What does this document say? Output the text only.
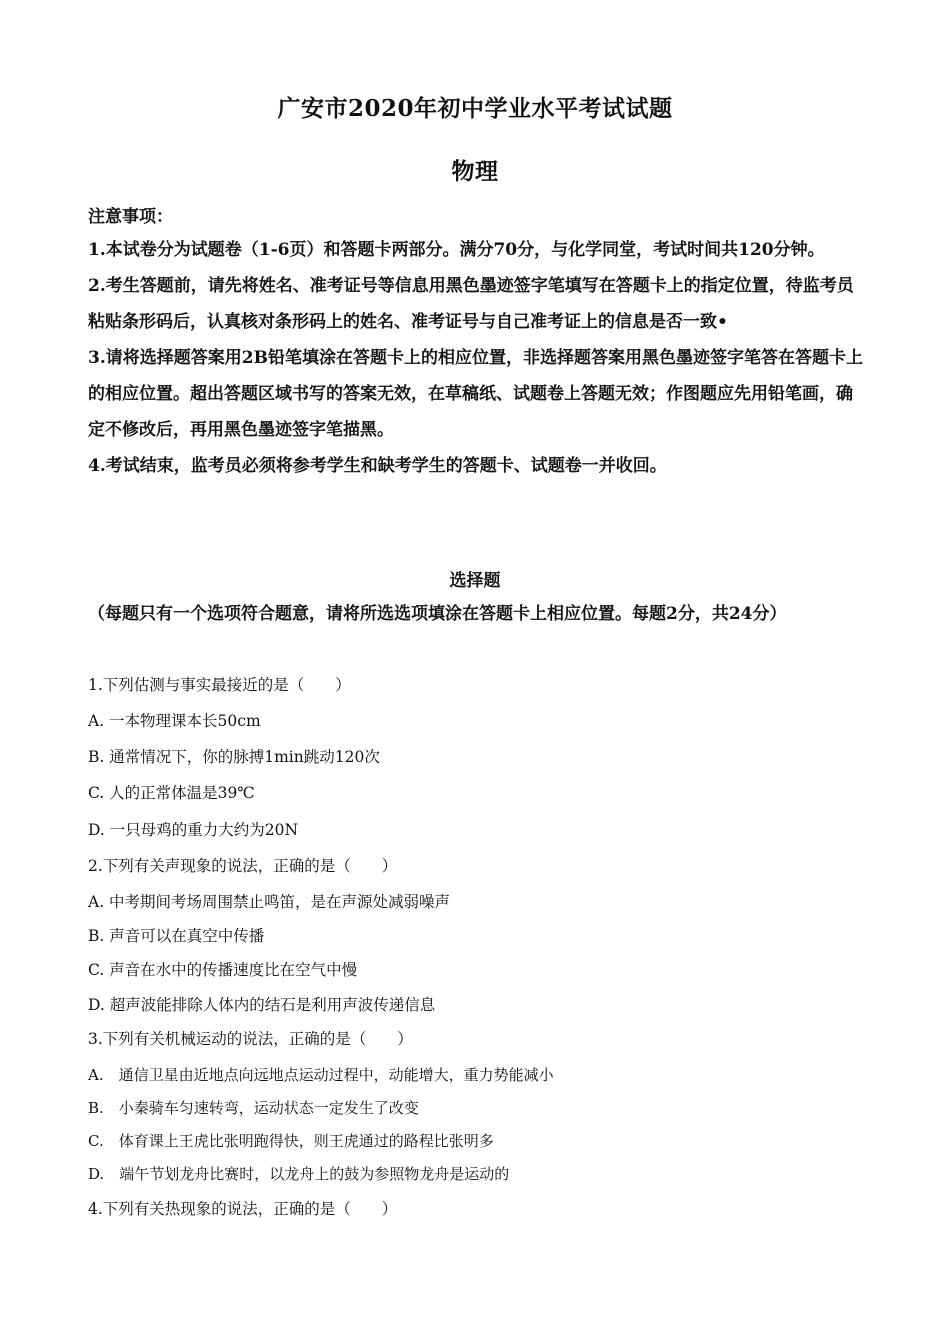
广安市2020年初中学业水平考试试题
物理

注意事项：

1.本试卷分为试题卷（1-6页）和答题卡两部分。满分70分，与化学同堂，考试时间共120分钟。

2.考生答题前，请先将姓名、准考证号等信息用黑色墨迹签字笔填写在答题卡上的指定位置，待监考员粘贴条形码后，认真核对条形码上的姓名、准考证号与自己准考证上的信息是否一致•

3.请将选择题答案用2B铅笔填涂在答题卡上的相应位置，非选择题答案用黑色墨迹签字笔答在答题卡上的相应位置。超出答题区域书写的答案无效，在草稿纸、试题卷上答题无效；作图题应先用铅笔画，确定不修改后，再用黑色墨迹签字笔描黑。

4.考试结束，监考员必须将参考学生和缺考学生的答题卡、试题卷一并收回。

选择题
（每题只有一个选项符合题意，请将所选选项填涂在答题卡上相应位置。每题2分，共24分）
1.下列估测与事实最接近的是（　　）
A. 一本物理课本长50cm
B. 通常情况下，你的脉搏1min跳动120次
C. 人的正常体温是39℃
D. 一只母鸡的重力大约为20N
2.下列有关声现象的说法，正确的是（　　）
A. 中考期间考场周围禁止鸣笛，是在声源处减弱噪声
B. 声音可以在真空中传播
C. 声音在水中的传播速度比在空气中慢
D. 超声波能排除人体内的结石是利用声波传递信息
3.下列有关机械运动的说法，正确的是（　　）
A.　通信卫星由近地点向远地点运动过程中，动能增大，重力势能减小
B.　小秦骑车匀速转弯，运动状态一定发生了改变
C.　体育课上王虎比张明跑得快，则王虎通过的路程比张明多
D.　端午节划龙舟比赛时，以龙舟上的鼓为参照物龙舟是运动的
4.下列有关热现象的说法，正确的是（　　）
